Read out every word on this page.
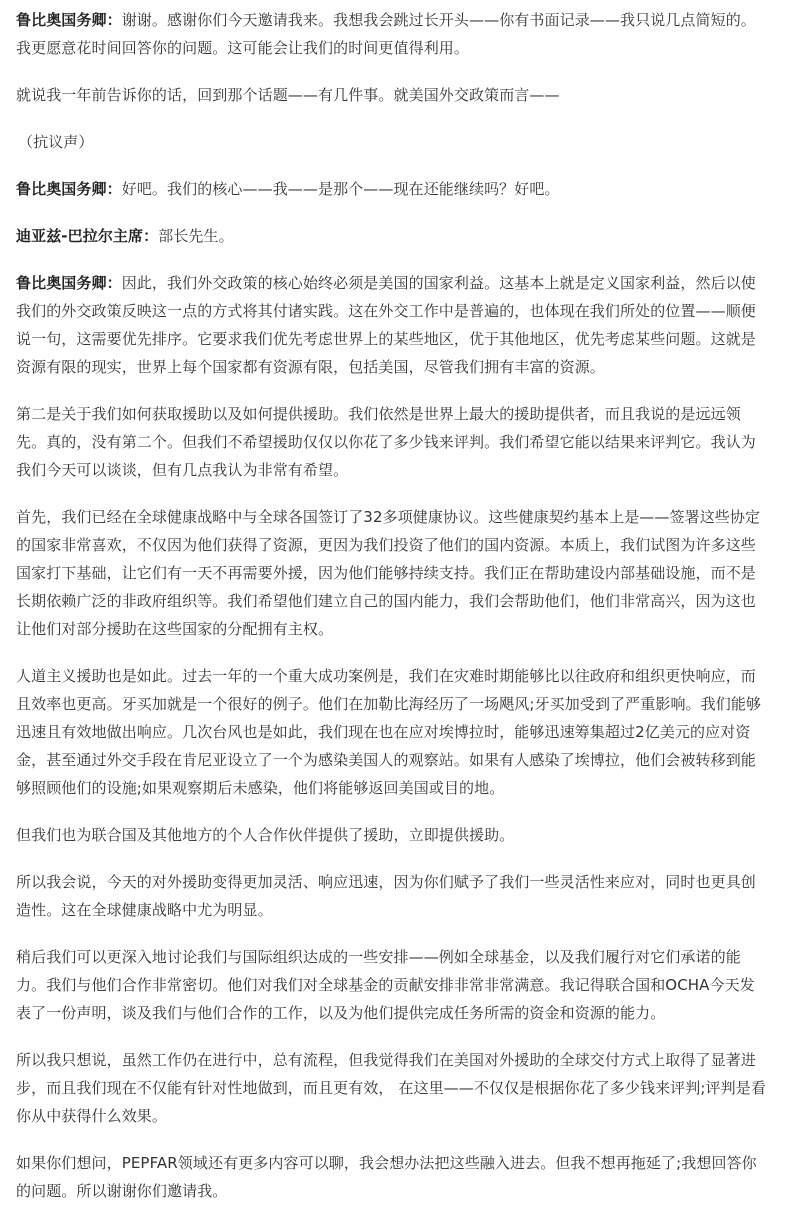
鲁比奥国务卿：谢谢。感谢你们今天邀请我来。我想我会跳过长开头——你有书面记录——我只说几点简短的。我更愿意花时间回答你的问题。这可能会让我们的时间更值得利用。

就说我一年前告诉你的话，回到那个话题——有几件事。就美国外交政策而言——

（抗议声）

鲁比奥国务卿：好吧。我们的核心——我——是那个——现在还能继续吗？好吧。

迪亚兹-巴拉尔主席：部长先生。

鲁比奥国务卿：因此，我们外交政策的核心始终必须是美国的国家利益。这基本上就是定义国家利益，然后以使我们的外交政策反映这一点的方式将其付诸实践。这在外交工作中是普遍的，也体现在我们所处的位置——顺便说一句，这需要优先排序。它要求我们优先考虑世界上的某些地区，优于其他地区，优先考虑某些问题。这就是资源有限的现实，世界上每个国家都有资源有限，包括美国，尽管我们拥有丰富的资源。

第二是关于我们如何获取援助以及如何提供援助。我们依然是世界上最大的援助提供者，而且我说的是远远领先。真的，没有第二个。但我们不希望援助仅仅以你花了多少钱来评判。我们希望它能以结果来评判它。我认为我们今天可以谈谈，但有几点我认为非常有希望。

首先，我们已经在全球健康战略中与全球各国签订了32多项健康协议。这些健康契约基本上是——签署这些协定的国家非常喜欢，不仅因为他们获得了资源，更因为我们投资了他们的国内资源。本质上，我们试图为许多这些国家打下基础，让它们有一天不再需要外援，因为他们能够持续支持。我们正在帮助建设内部基础设施，而不是长期依赖广泛的非政府组织等。我们希望他们建立自己的国内能力，我们会帮助他们，他们非常高兴，因为这也让他们对部分援助在这些国家的分配拥有主权。

人道主义援助也是如此。过去一年的一个重大成功案例是，我们在灾难时期能够比以往政府和组织更快响应，而且效率也更高。牙买加就是一个很好的例子。他们在加勒比海经历了一场飓风;牙买加受到了严重影响。我们能够迅速且有效地做出响应。几次台风也是如此，我们现在也在应对埃博拉时，能够迅速筹集超过2亿美元的应对资金，甚至通过外交手段在肯尼亚设立了一个为感染美国人的观察站。如果有人感染了埃博拉，他们会被转移到能够照顾他们的设施;如果观察期后未感染，他们将能够返回美国或目的地。

但我们也为联合国及其他地方的个人合作伙伴提供了援助，立即提供援助。

所以我会说，今天的对外援助变得更加灵活、响应迅速，因为你们赋予了我们一些灵活性来应对，同时也更具创造性。这在全球健康战略中尤为明显。

稍后我们可以更深入地讨论我们与国际组织达成的一些安排——例如全球基金，以及我们履行对它们承诺的能力。我们与他们合作非常密切。他们对我们对全球基金的贡献安排非常非常满意。我记得联合国和OCHA今天发表了一份声明，谈及我们与他们合作的工作，以及为他们提供完成任务所需的资金和资源的能力。

所以我只想说，虽然工作仍在进行中，总有流程，但我觉得我们在美国对外援助的全球交付方式上取得了显著进步，而且我们现在不仅能有针对性地做到，而且更有效， 在这里——不仅仅是根据你花了多少钱来评判;评判是看你从中获得什么效果。

如果你们想问，PEPFAR领域还有更多内容可以聊，我会想办法把这些融入进去。但我不想再拖延了;我想回答你的问题。所以谢谢你们邀请我。
